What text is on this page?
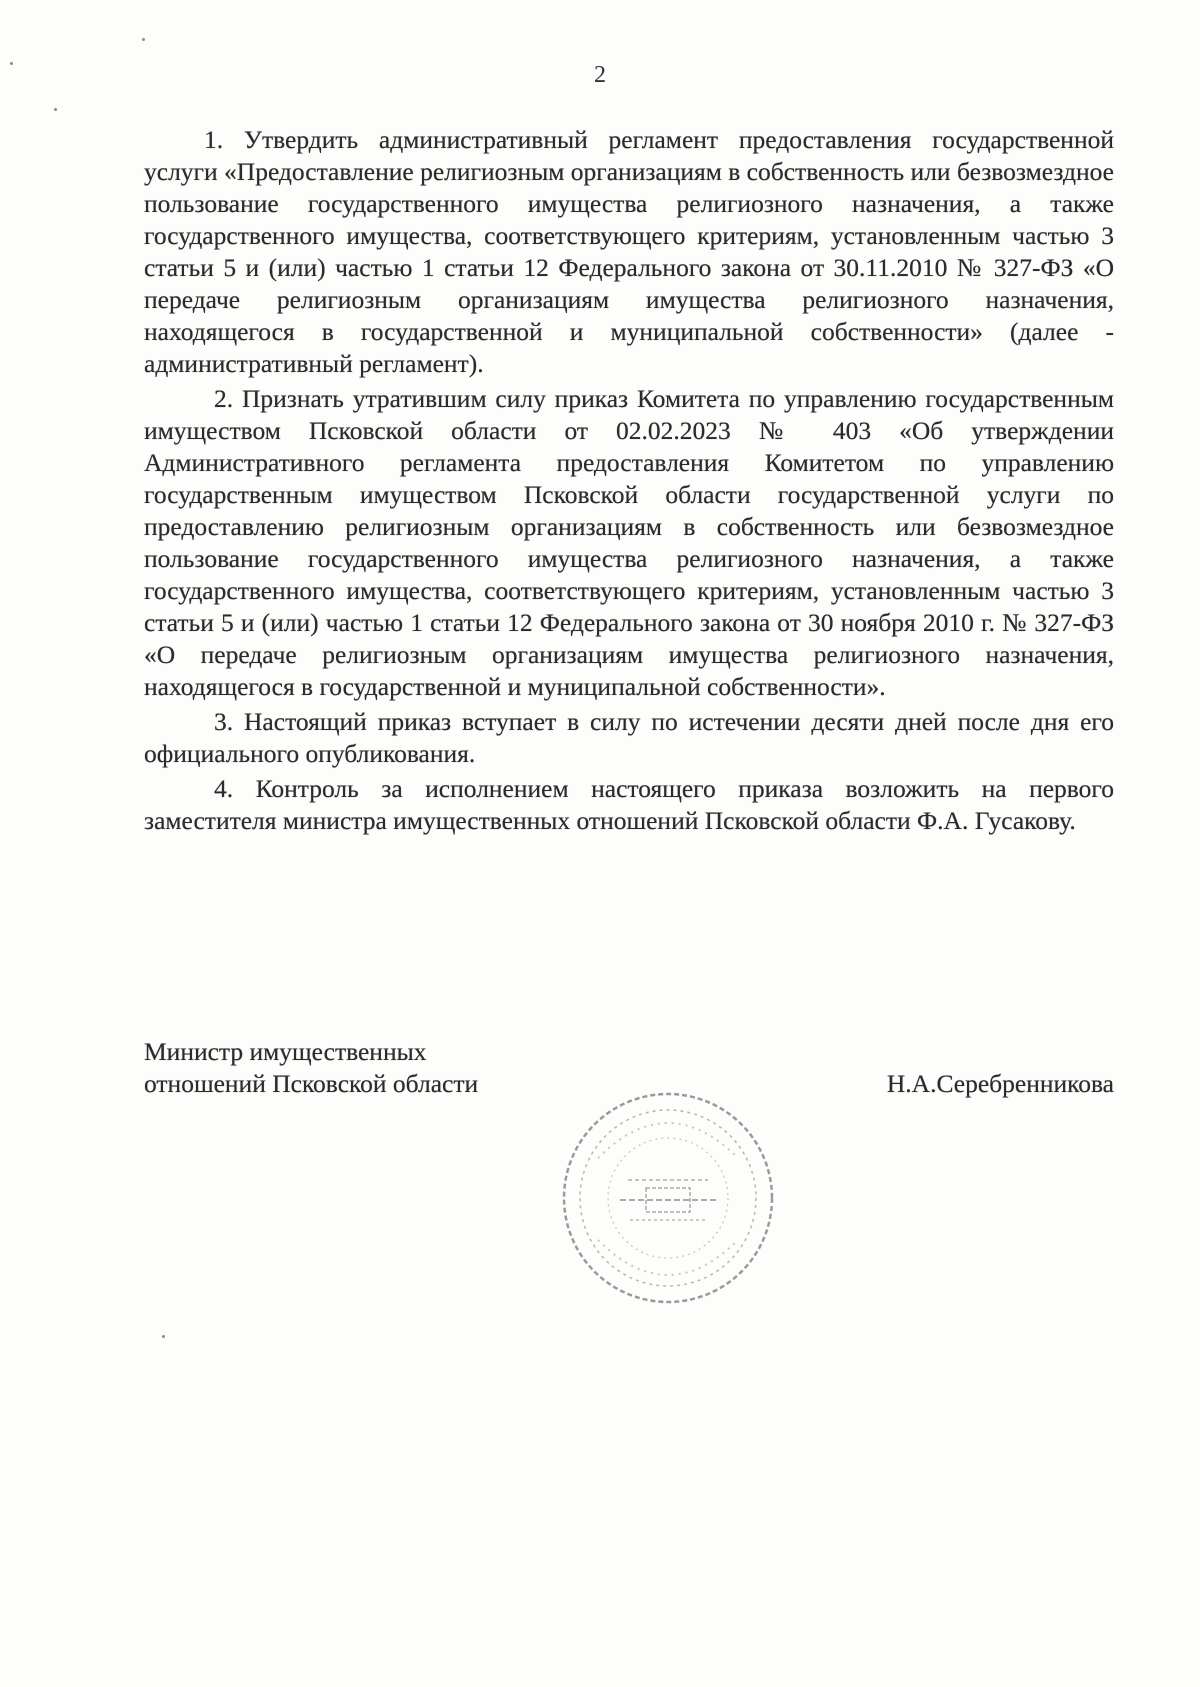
2

1. Утвердить административный регламент предоставления государственной услуги «Предоставление религиозным организациям в собственность или безвозмездное пользование государственного имущества религиозного назначения, а также государственного имущества, соответствующего критериям, установленным частью 3 статьи 5 и (или) частью 1 статьи 12 Федерального закона от 30.11.2010 № 327-ФЗ «О передаче религиозным организациям имущества религиозного назначения, находящегося в государственной и муниципальной собственности» (далее - административный регламент).

2. Признать утратившим силу приказ Комитета по управлению государственным имуществом Псковской области от 02.02.2023 № 403 «Об утверждении Административного регламента предоставления Комитетом по управлению государственным имуществом Псковской области государственной услуги по предоставлению религиозным организациям в собственность или безвозмездное пользование государственного имущества религиозного назначения, а также государственного имущества, соответствующего критериям, установленным частью 3 статьи 5 и (или) частью 1 статьи 12 Федерального закона от 30 ноября 2010 г. № 327-ФЗ «О передаче религиозным организациям имущества религиозного назначения, находящегося в государственной и муниципальной собственности».

3. Настоящий приказ вступает в силу по истечении десяти дней после дня его официального опубликования.

4. Контроль за исполнением настоящего приказа возложить на первого заместителя министра имущественных отношений Псковской области Ф.А. Гусакову.

Министр имущественных
отношений Псковской области	Н.А.Серебренникова
